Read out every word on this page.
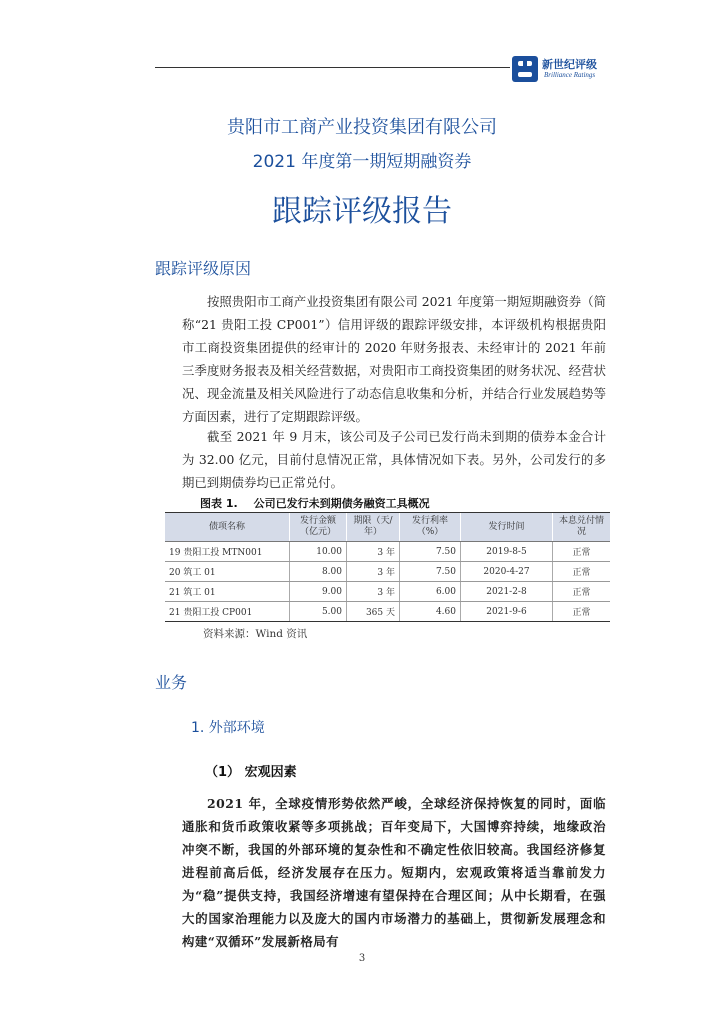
新世纪评级
Brilliance Ratings
贵阳市工商产业投资集团有限公司
2021 年度第一期短期融资券
跟踪评级报告
跟踪评级原因
按照贵阳市工商产业投资集团有限公司 2021 年度第一期短期融资券（简称“21 贵阳工投 CP001”）信用评级的跟踪评级安排，本评级机构根据贵阳市工商投资集团提供的经审计的 2020 年财务报表、未经审计的 2021 年前三季度财务报表及相关经营数据，对贵阳市工商投资集团的财务状况、经营状况、现金流量及相关风险进行了动态信息收集和分析，并结合行业发展趋势等方面因素，进行了定期跟踪评级。
截至 2021 年 9 月末，该公司及子公司已发行尚未到期的债券本金合计为 32.00 亿元，目前付息情况正常，具体情况如下表。另外，公司发行的多期已到期债券均已正常兑付。
图表 1. 公司已发行未到期债务融资工具概况
债项名称	发行金额（亿元）	期限（天/年）	发行利率（%）	发行时间	本息兑付情况
19 贵阳工投 MTN001	10.00	3 年	7.50	2019-8-5	正常
20 筑工 01	8.00	3 年	7.50	2020-4-27	正常
21 筑工 01	9.00	3 年	6.00	2021-2-8	正常
21 贵阳工投 CP001	5.00	365 天	4.60	2021-9-6	正常
资料来源：Wind 资讯
业务
1. 外部环境
（1） 宏观因素
2021 年，全球疫情形势依然严峻，全球经济保持恢复的同时，面临通胀和货币政策收紧等多项挑战；百年变局下，大国博弈持续，地缘政治冲突不断，我国的外部环境的复杂性和不确定性依旧较高。我国经济修复进程前高后低，经济发展存在压力。短期内，宏观政策将适当靠前发力为“稳”提供支持，我国经济增速有望保持在合理区间；从中长期看，在强大的国家治理能力以及庞大的国内市场潜力的基础上，贯彻新发展理念和构建“双循环”发展新格局有
3
